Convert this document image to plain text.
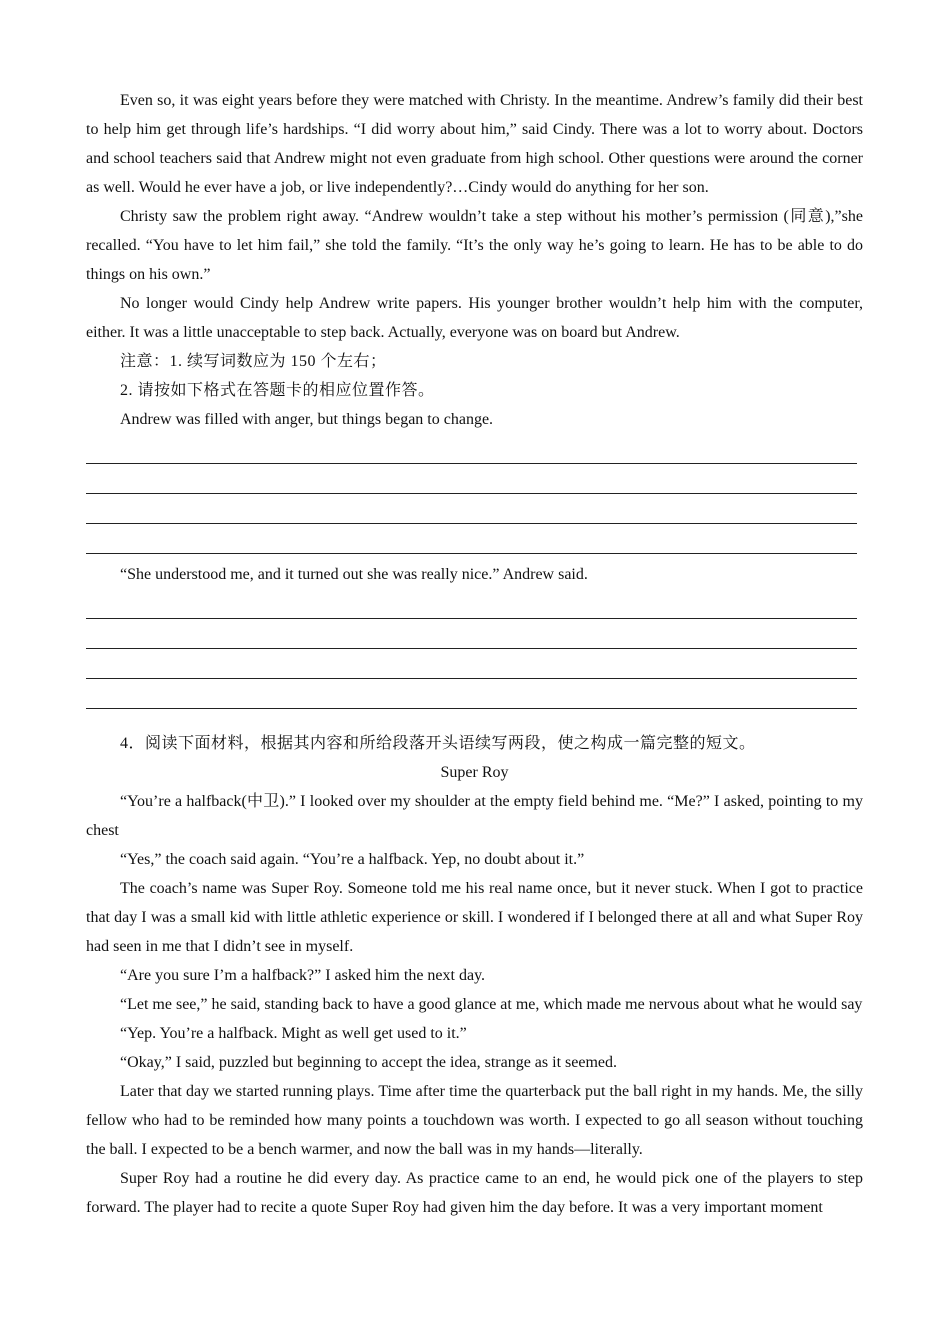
Even so, it was eight years before they were matched with Christy. In the meantime. Andrew’s family did their best to help him get through life’s hardships. “I did worry about him,” said Cindy. There was a lot to worry about. Doctors and school teachers said that Andrew might not even graduate from high school. Other questions were around the corner as well. Would he ever have a job, or live independently?…Cindy would do anything for her son.

Christy saw the problem right away. “Andrew wouldn’t take a step without his mother’s permission (同意),”she recalled. “You have to let him fail,” she told the family. “It’s the only way he’s going to learn. He has to be able to do things on his own.”

No longer would Cindy help Andrew write papers. His younger brother wouldn’t help him with the computer, either. It was a little unacceptable to step back. Actually, everyone was on board but Andrew.

注意：1. 续写词数应为 150 个左右；

2. 请按如下格式在答题卡的相应位置作答。

Andrew was filled with anger, but things began to change.

“She understood me, and it turned out she was really nice.” Andrew said.

4．阅读下面材料，根据其内容和所给段落开头语续写两段，使之构成一篇完整的短文。

Super Roy

“You’re a halfback(中卫).” I looked over my shoulder at the empty field behind me. “Me?” I asked, pointing to my chest

“Yes,” the coach said again. “You’re a halfback. Yep, no doubt about it.”

The coach’s name was Super Roy. Someone told me his real name once, but it never stuck. When I got to practice that day I was a small kid with little athletic experience or skill. I wondered if I belonged there at all and what Super Roy had seen in me that I didn’t see in myself.

“Are you sure I’m a halfback?” I asked him the next day.

“Let me see,” he said, standing back to have a good glance at me, which made me nervous about what he would say

“Yep. You’re a halfback. Might as well get used to it.”

“Okay,” I said, puzzled but beginning to accept the idea, strange as it seemed.

Later that day we started running plays. Time after time the quarterback put the ball right in my hands. Me, the silly fellow who had to be reminded how many points a touchdown was worth. I expected to go all season without touching the ball. I expected to be a bench warmer, and now the ball was in my hands—literally.

Super Roy had a routine he did every day. As practice came to an end, he would pick one of the players to step forward. The player had to recite a quote Super Roy had given him the day before. It was a very important moment
